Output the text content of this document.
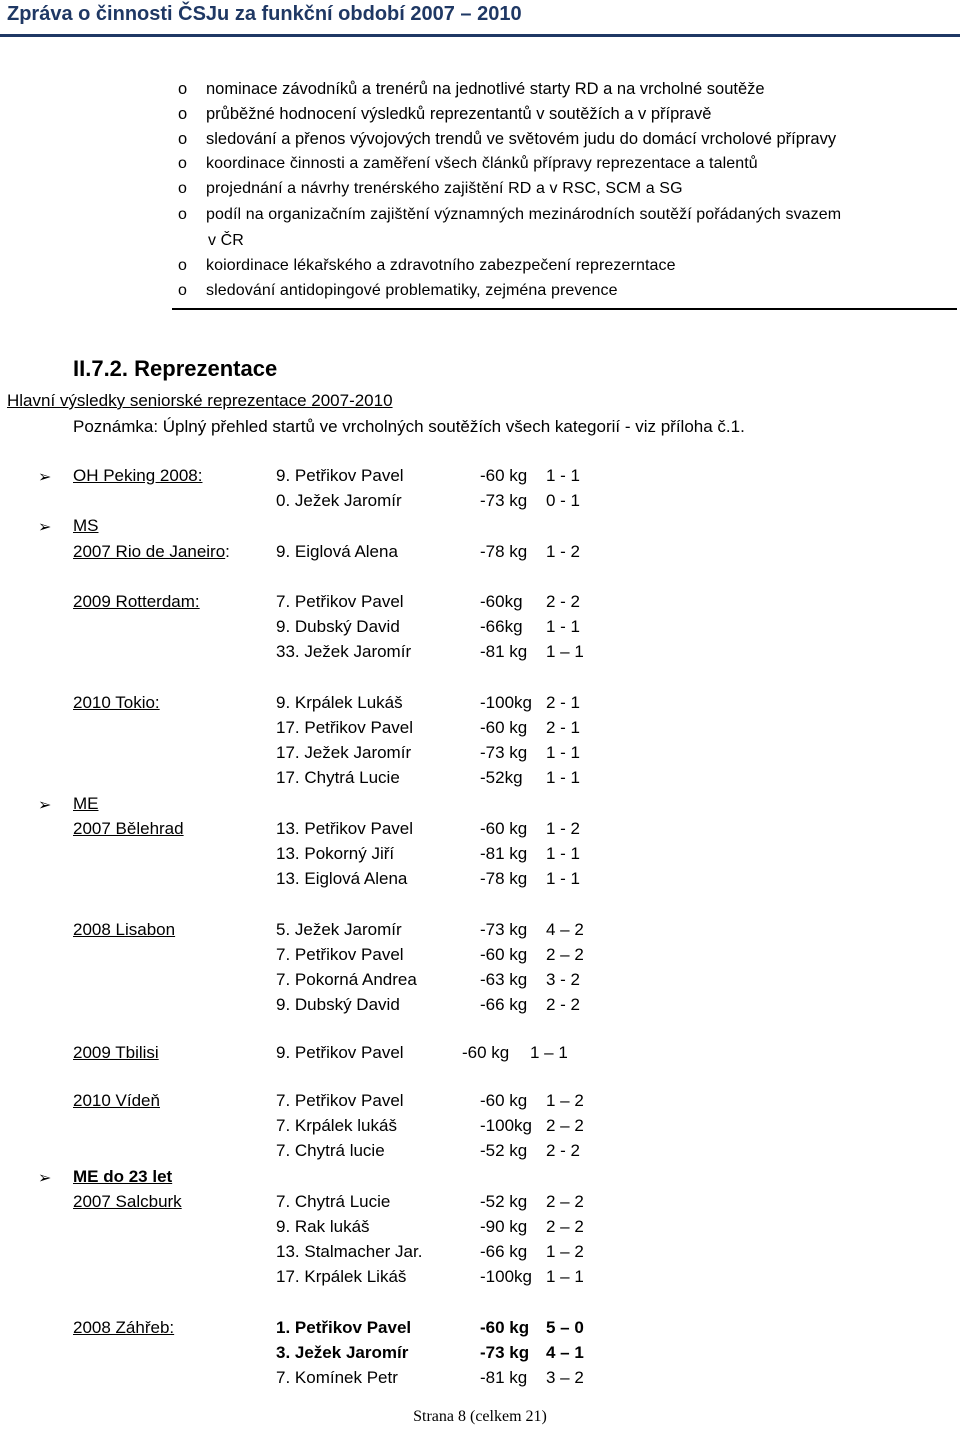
Zpráva o činnosti ČSJu za funkční období 2007 – 2010
o nominace závodníků a trenérů na jednotlivé starty RD a na vrcholné soutěže
o průběžné hodnocení výsledků reprezentantů v soutěžích a v přípravě
o sledování a přenos vývojových trendů ve světovém judu do domácí vrcholové přípravy
o koordinace činnosti a zaměření všech článků přípravy reprezentace a talentů
o projednání a návrhy trenérského zajištění RD a v RSC, SCM a SG
o podíl na organizačním zajištění významných mezinárodních soutěží pořádaných svazem
v ČR
o koiordinace lékařského a zdravotního zabezpečení reprezerntace
o sledování antidopingové problematiky, zejména prevence
II.7.2. Reprezentace
Hlavní výsledky seniorské reprezentace 2007-2010
Poznámka: Úplný přehled startů ve vrcholných soutěžích všech kategorií - viz příloha č.1.
➢ OH Peking 2008:	9. Petřikov Pavel	-60 kg 1 - 1
0. Ježek Jaromír	-73 kg 0 - 1
➢ MS
2007 Rio de Janeiro:	9. Eiglová Alena	-78 kg 1 - 2
2009 Rotterdam:	7. Petřikov Pavel	-60kg 2 - 2
9. Dubský David	-66kg 1 - 1
33. Ježek Jaromír	-81 kg 1 – 1
2010 Tokio:	9. Krpálek Lukáš	-100kg 2 - 1
17. Petřikov Pavel	-60 kg 2 - 1
17. Ježek Jaromír	-73 kg 1 - 1
17. Chytrá Lucie	-52kg 1 - 1
➢ ME
2007 Bělehrad	13. Petřikov Pavel	-60 kg 1 - 2
13. Pokorný Jiří	-81 kg 1 - 1
13. Eiglová Alena	-78 kg 1 - 1
2008 Lisabon	5. Ježek Jaromír	-73 kg 4 – 2
7. Petřikov Pavel	-60 kg 2 – 2
7. Pokorná Andrea	-63 kg 3 - 2
9. Dubský David	-66 kg 2 - 2
2009 Tbilisi	9. Petřikov Pavel	-60 kg 1 – 1
2010 Vídeň	7. Petřikov Pavel	-60 kg 1 – 2
7. Krpálek lukáš	-100kg 2 – 2
7. Chytrá lucie	-52 kg 2 - 2
➢ ME do 23 let
2007 Salcburk	7. Chytrá Lucie	-52 kg 2 – 2
9. Rak lukáš	-90 kg 2 – 2
13. Stalmacher Jar.	-66 kg 1 – 2
17. Krpálek Likáš	-100kg 1 – 1
2008 Záhřeb:	1. Petřikov Pavel	-60 kg 5 – 0
3. Ježek Jaromír	-73 kg 4 – 1
7. Komínek Petr	-81 kg 3 – 2
Strana 8 (celkem 21)
